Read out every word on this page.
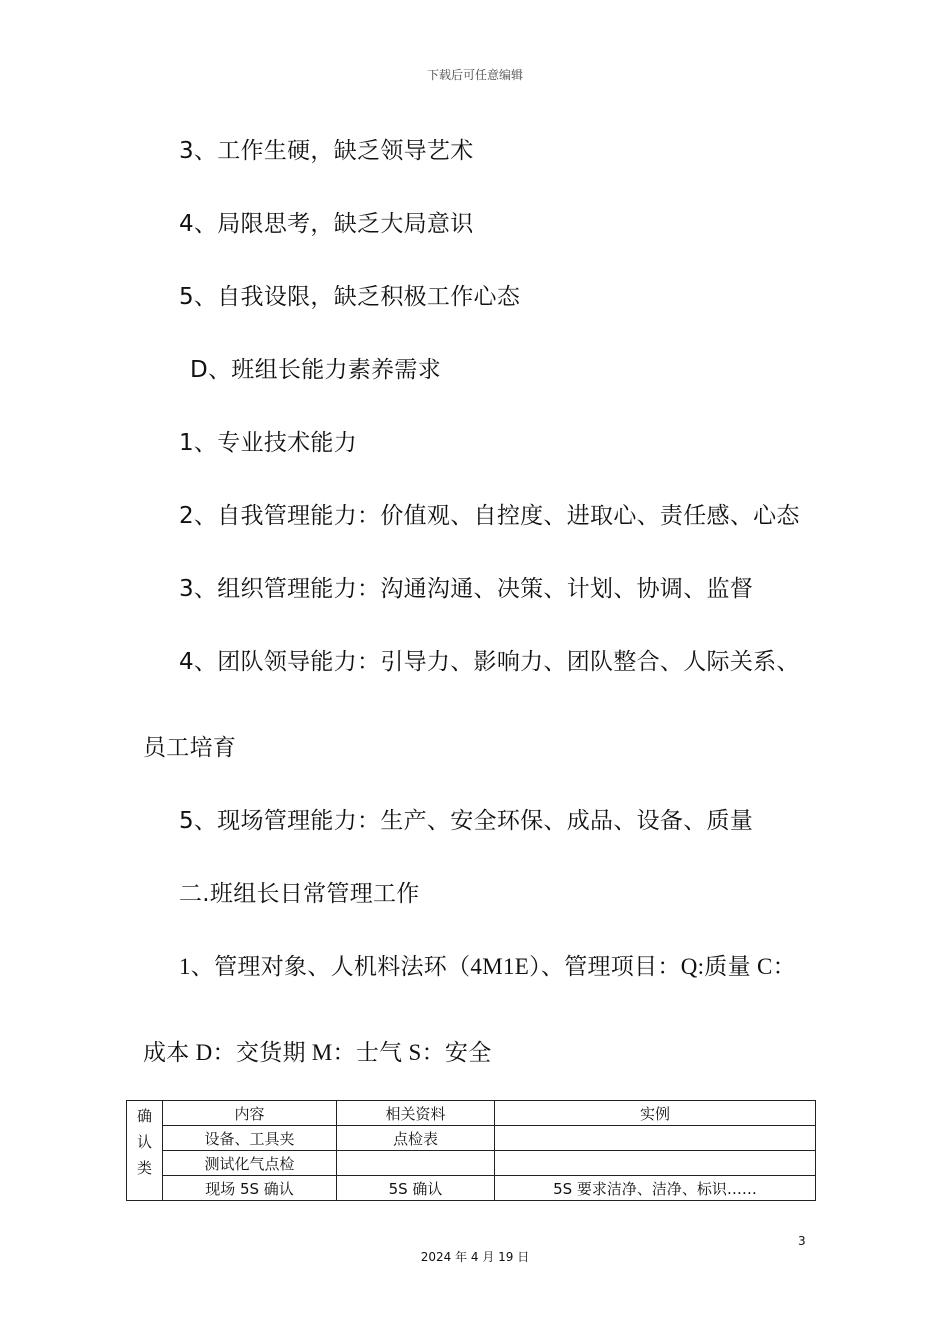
下载后可任意编辑
3、工作生硬，缺乏领导艺术
4、局限思考，缺乏大局意识
5、自我设限，缺乏积极工作心态
D、班组长能力素养需求
1、专业技术能力
2、自我管理能力：价值观、自控度、进取心、责任感、心态
3、组织管理能力：沟通沟通、决策、计划、协调、监督
4、团队领导能力：引导力、影响力、团队整合、人际关系、
员工培育
5、现场管理能力：生产、安全环保、成品、设备、质量
二.班组长日常管理工作
1、管理对象、人机料法环（4M1E）、管理项目：Q:质量 C：
成本 D：交货期 M：士气 S：安全
确
认
类	内容	相关资料	实例
	设备、工具夹	点检表	
	测试化气点检		
	现场 5S 确认	5S 确认	5S 要求洁净、洁净、标识……
3
2024 年 4 月 19 日
